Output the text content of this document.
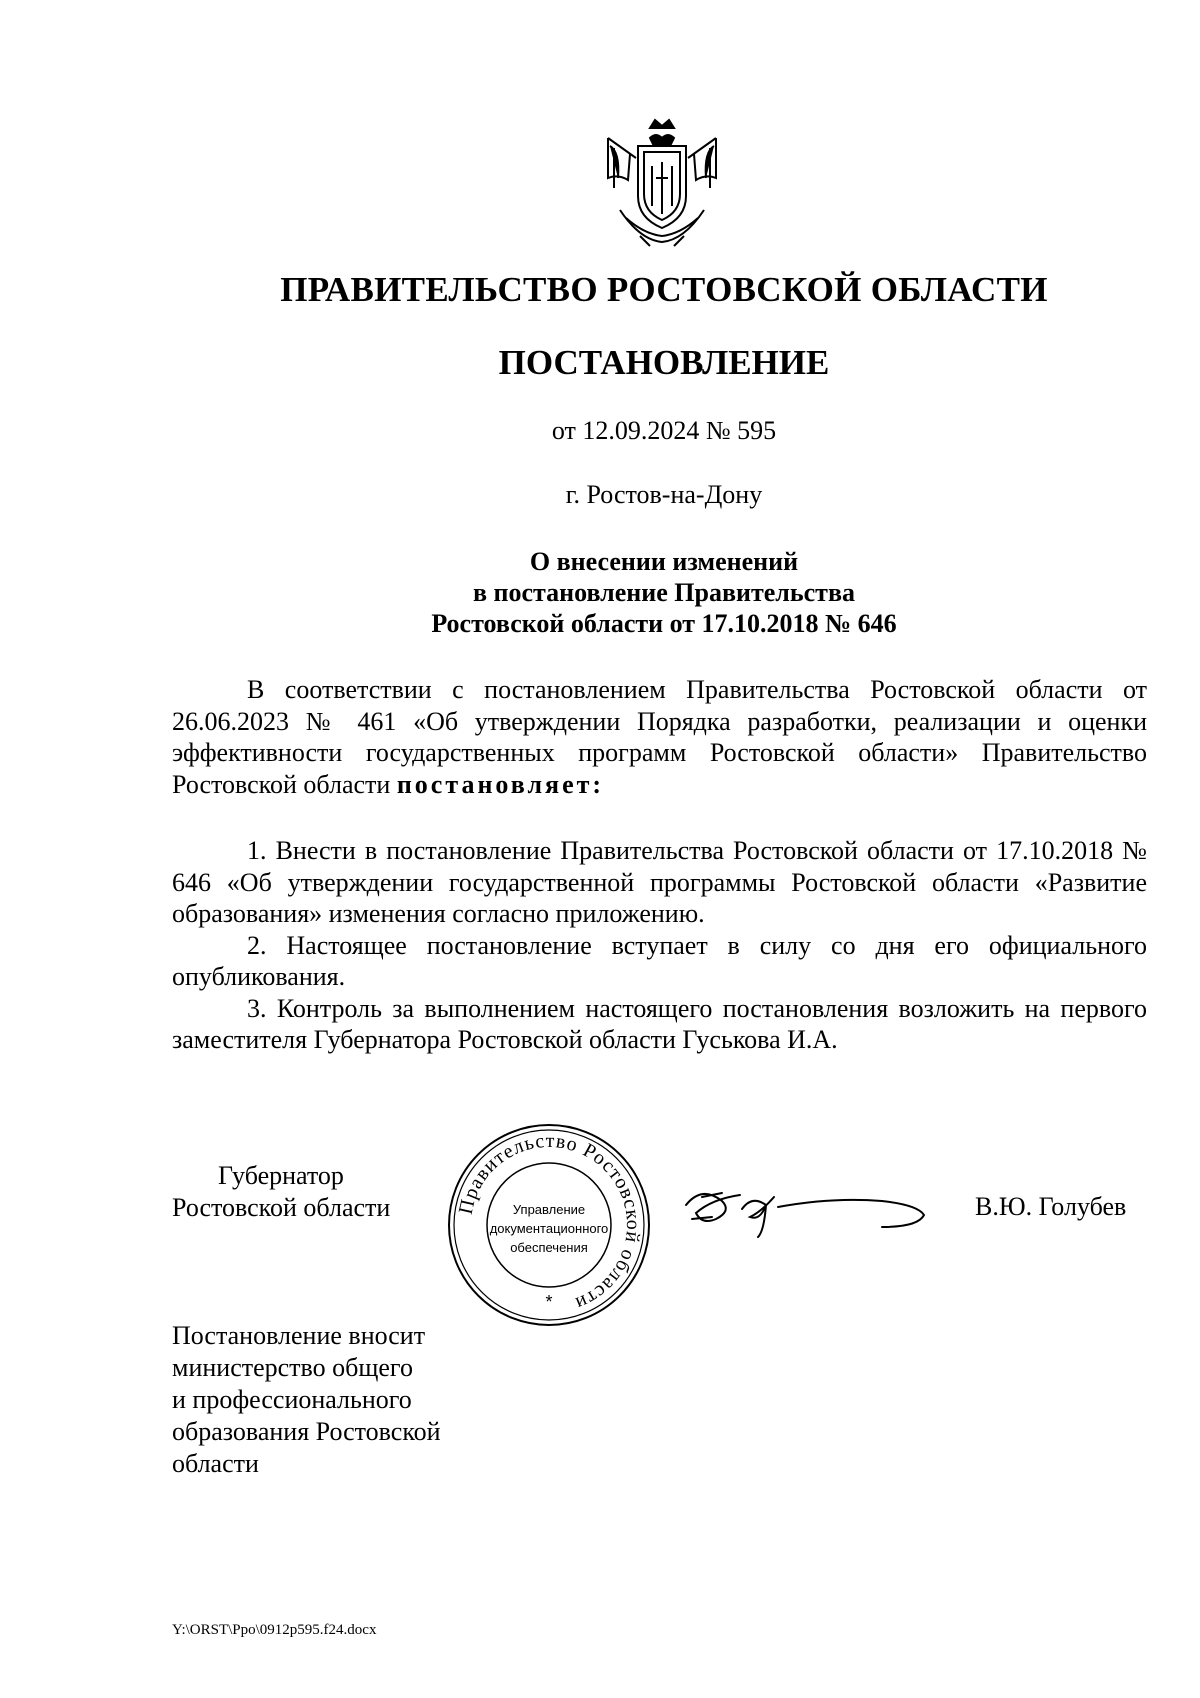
ПРАВИТЕЛЬСТВО РОСТОВСКОЙ ОБЛАСТИ
ПОСТАНОВЛЕНИЕ
от 12.09.2024 № 595
г. Ростов-на-Дону
О внесении изменений
в постановление Правительства
Ростовской области от 17.10.2018 № 646

В соответствии с постановлением Правительства Ростовской области от 26.06.2023 № 461 «Об утверждении Порядка разработки, реализации и оценки эффективности государственных программ Ростовской области» Правительство Ростовской области постановляет:

1. Внести в постановление Правительства Ростовской области от 17.10.2018 № 646 «Об утверждении государственной программы Ростовской области «Развитие образования» изменения согласно приложению.

2. Настоящее постановление вступает в силу со дня его официального опубликования.

3. Контроль за выполнением настоящего постановления возложить на первого заместителя Губернатора Ростовской области Гуськова И.А.

Губернатор
Ростовской области	Правительство Ростовской области
Управление
документационного
обеспечения
*
В.Ю. Голубев
Постановление вносит
министерство общего
и профессионального
образования Ростовской
области
Y:\ORST\Ppo\0912p595.f24.docx
